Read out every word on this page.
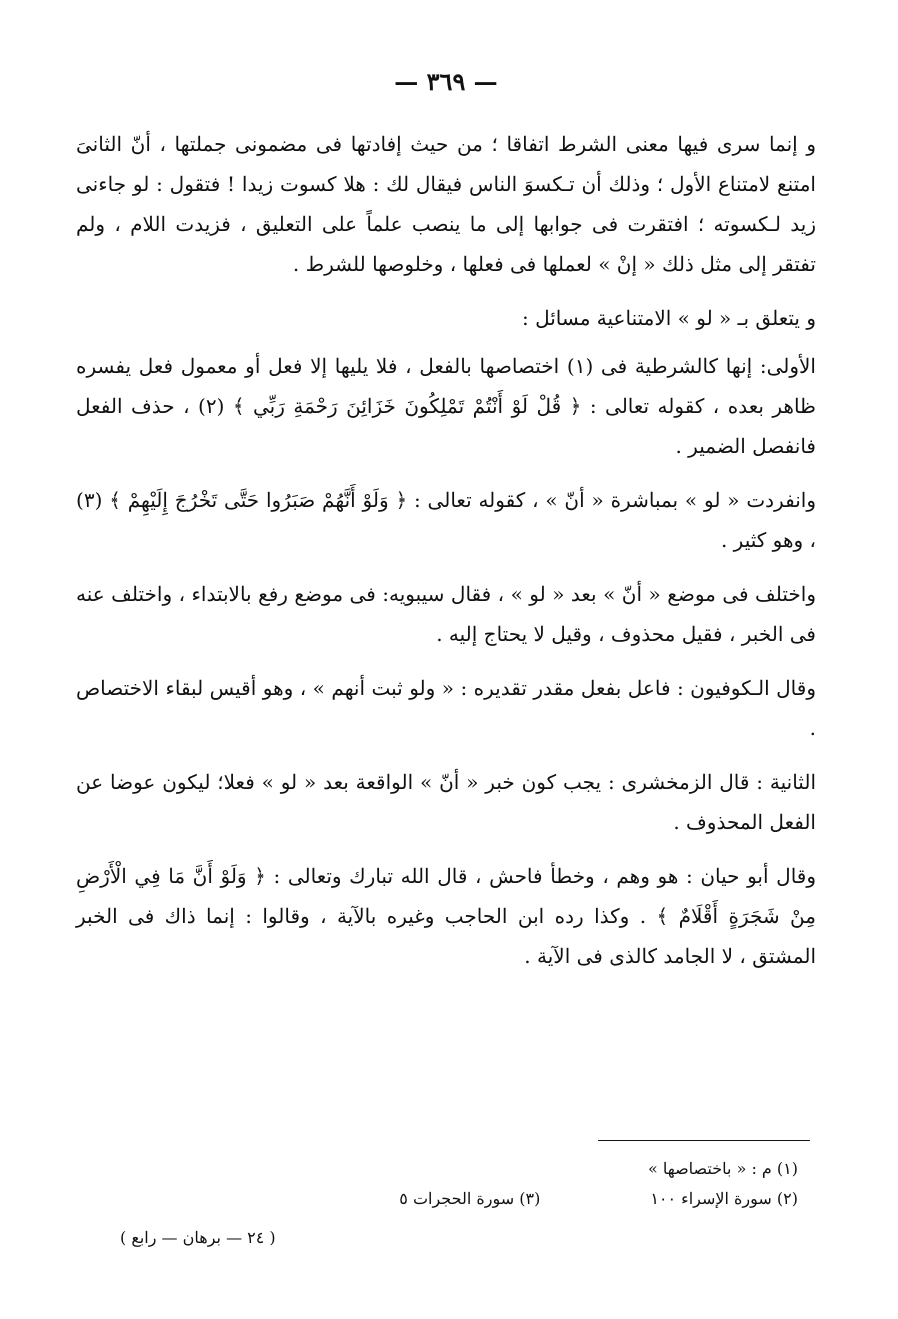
— ٣٦٩ —

و إنما سرى فيها معنى الشرط اتفاقا ؛ من حيث إفادتها فى مضمونى جملتها ، أنّ الثانىَ امتنع لامتناع الأول ؛ وذلك أن تـكسوَ الناس فيقال لك : هلا كسوت زيدا ! فتقول : لو جاءنى زيد لـكسوته ؛ افتقرت فى جوابها إلى ما ينصب علماً على التعليق ، فزيدت اللام ، ولم تفتقر إلى مثل ذلك « إنْ » لعملها فى فعلها ، وخلوصها للشرط .

و يتعلق بـ « لو » الامتناعية مسائل :

الأولى: إنها كالشرطية فى (١) اختصاصها بالفعل ، فلا يليها إلا فعل أو معمول فعل يفسره ظاهر بعده ، كقوله تعالى : ﴿ قُلْ لَوْ أَنْتُمْ تَمْلِكُونَ خَزَائِنَ رَحْمَةِ رَبِّي ﴾ (٢) ، حذف الفعل فانفصل الضمير .

وانفردت « لو » بمباشرة « أنّ » ، كقوله تعالى : ﴿ وَلَوْ أَنَّهُمْ صَبَرُوا حَتَّى تَخْرُجَ إِلَيْهِمْ ﴾ (٣) ، وهو كثير .

واختلف فى موضع « أنّ » بعد « لو » ، فقال سيبويه: فى موضع رفع بالابتداء ، واختلف عنه فى الخبر ، فقيل محذوف ، وقيل لا يحتاج إليه .

وقال الـكوفيون : فاعل بفعل مقدر تقديره : « ولو ثبت أنهم » ، وهو أقيس لبقاء الاختصاص .

الثانية : قال الزمخشرى : يجب كون خبر « أنّ » الواقعة بعد « لو » فعلا؛ ليكون عوضا عن الفعل المحذوف .

وقال أبو حيان : هو وهم ، وخطأ فاحش ، قال الله تبارك وتعالى : ﴿ وَلَوْ أَنَّ مَا فِي الْأَرْضِ مِنْ شَجَرَةٍ أَقْلَامٌ ﴾ . وكذا رده ابن الحاجب وغيره بالآية ، وقالوا : إنما ذاك فى الخبر المشتق ، لا الجامد كالذى فى الآية .

(١) م : « باختصاصها »
(٢) سورة الإسراء ١٠٠
(٣) سورة الحجرات ٥
( ٢٤ — برهان — رابع )
